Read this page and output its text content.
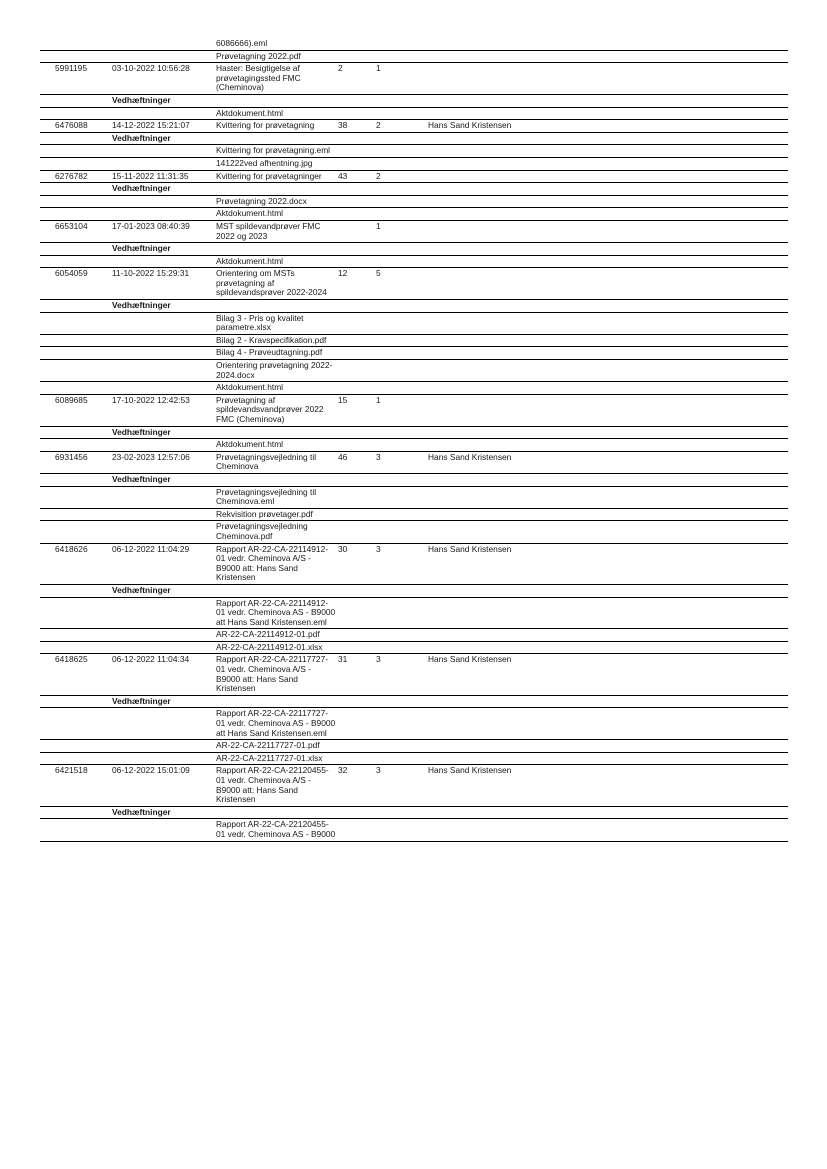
		6086666).eml			
		Prøvetagning 2022.pdf			
5991195	03-10-2022 10:56:28	Haster: Besigtigelse af prøvetagingssted FMC (Cheminova)	2	1	
	Vedhæftninger				
		Aktdokument.html			
6476088	14-12-2022 15:21:07	Kvittering for prøvetagning	38	2	Hans Sand Kristensen
	Vedhæftninger				
		Kvittering for prøvetagning.eml			
		141222ved afhentning.jpg			
6276782	15-11-2022 11:31:35	Kvittering for prøvetagninger	43	2	
	Vedhæftninger				
		Prøvetagning 2022.docx			
		Aktdokument.html			
6653104	17-01-2023 08:40:39	MST spildevandprøver FMC 2022 og 2023		1	
	Vedhæftninger				
		Aktdokument.html			
6054059	11-10-2022 15:29:31	Orientering om MSTs prøvetagning af spildevandsprøver 2022-2024	12	5	
	Vedhæftninger				
		Bilag 3 - Pris og kvalitet parametre.xlsx			
		Bilag 2 - Kravspecifikation.pdf			
		Bilag 4 - Prøveudtagning.pdf			
		Orientering prøvetagning 2022-2024.docx			
		Aktdokument.html			
6089685	17-10-2022 12:42:53	Prøvetagning af spildevandsvandprøver 2022 FMC (Cheminova)	15	1	
	Vedhæftninger				
		Aktdokument.html			
6931456	23-02-2023 12:57:06	Prøvetagningsvejledning til Cheminova	46	3	Hans Sand Kristensen
	Vedhæftninger				
		Prøvetagningsvejledning til Cheminova.eml			
		Rekvisition prøvetager.pdf			
		Prøvetagningsvejledning Cheminova.pdf			
6418626	06-12-2022 11:04:29	Rapport AR-22-CA-22114912-01 vedr. Cheminova A/S - B9000 att: Hans Sand Kristensen	30	3	Hans Sand Kristensen
	Vedhæftninger				
		Rapport AR-22-CA-22114912-01 vedr. Cheminova AS - B9000 att Hans Sand Kristensen.eml			
		AR-22-CA-22114912-01.pdf			
		AR-22-CA-22114912-01.xlsx			
6418625	06-12-2022 11:04:34	Rapport AR-22-CA-22117727-01 vedr. Cheminova A/S - B9000 att: Hans Sand Kristensen	31	3	Hans Sand Kristensen
	Vedhæftninger				
		Rapport AR-22-CA-22117727-01 vedr. Cheminova AS - B9000 att Hans Sand Kristensen.eml			
		AR-22-CA-22117727-01.pdf			
		AR-22-CA-22117727-01.xlsx			
6421518	06-12-2022 15:01:09	Rapport AR-22-CA-22120455-01 vedr. Cheminova A/S - B9000 att: Hans Sand Kristensen	32	3	Hans Sand Kristensen
	Vedhæftninger				
		Rapport AR-22-CA-22120455-01 vedr. Cheminova AS - B9000			
